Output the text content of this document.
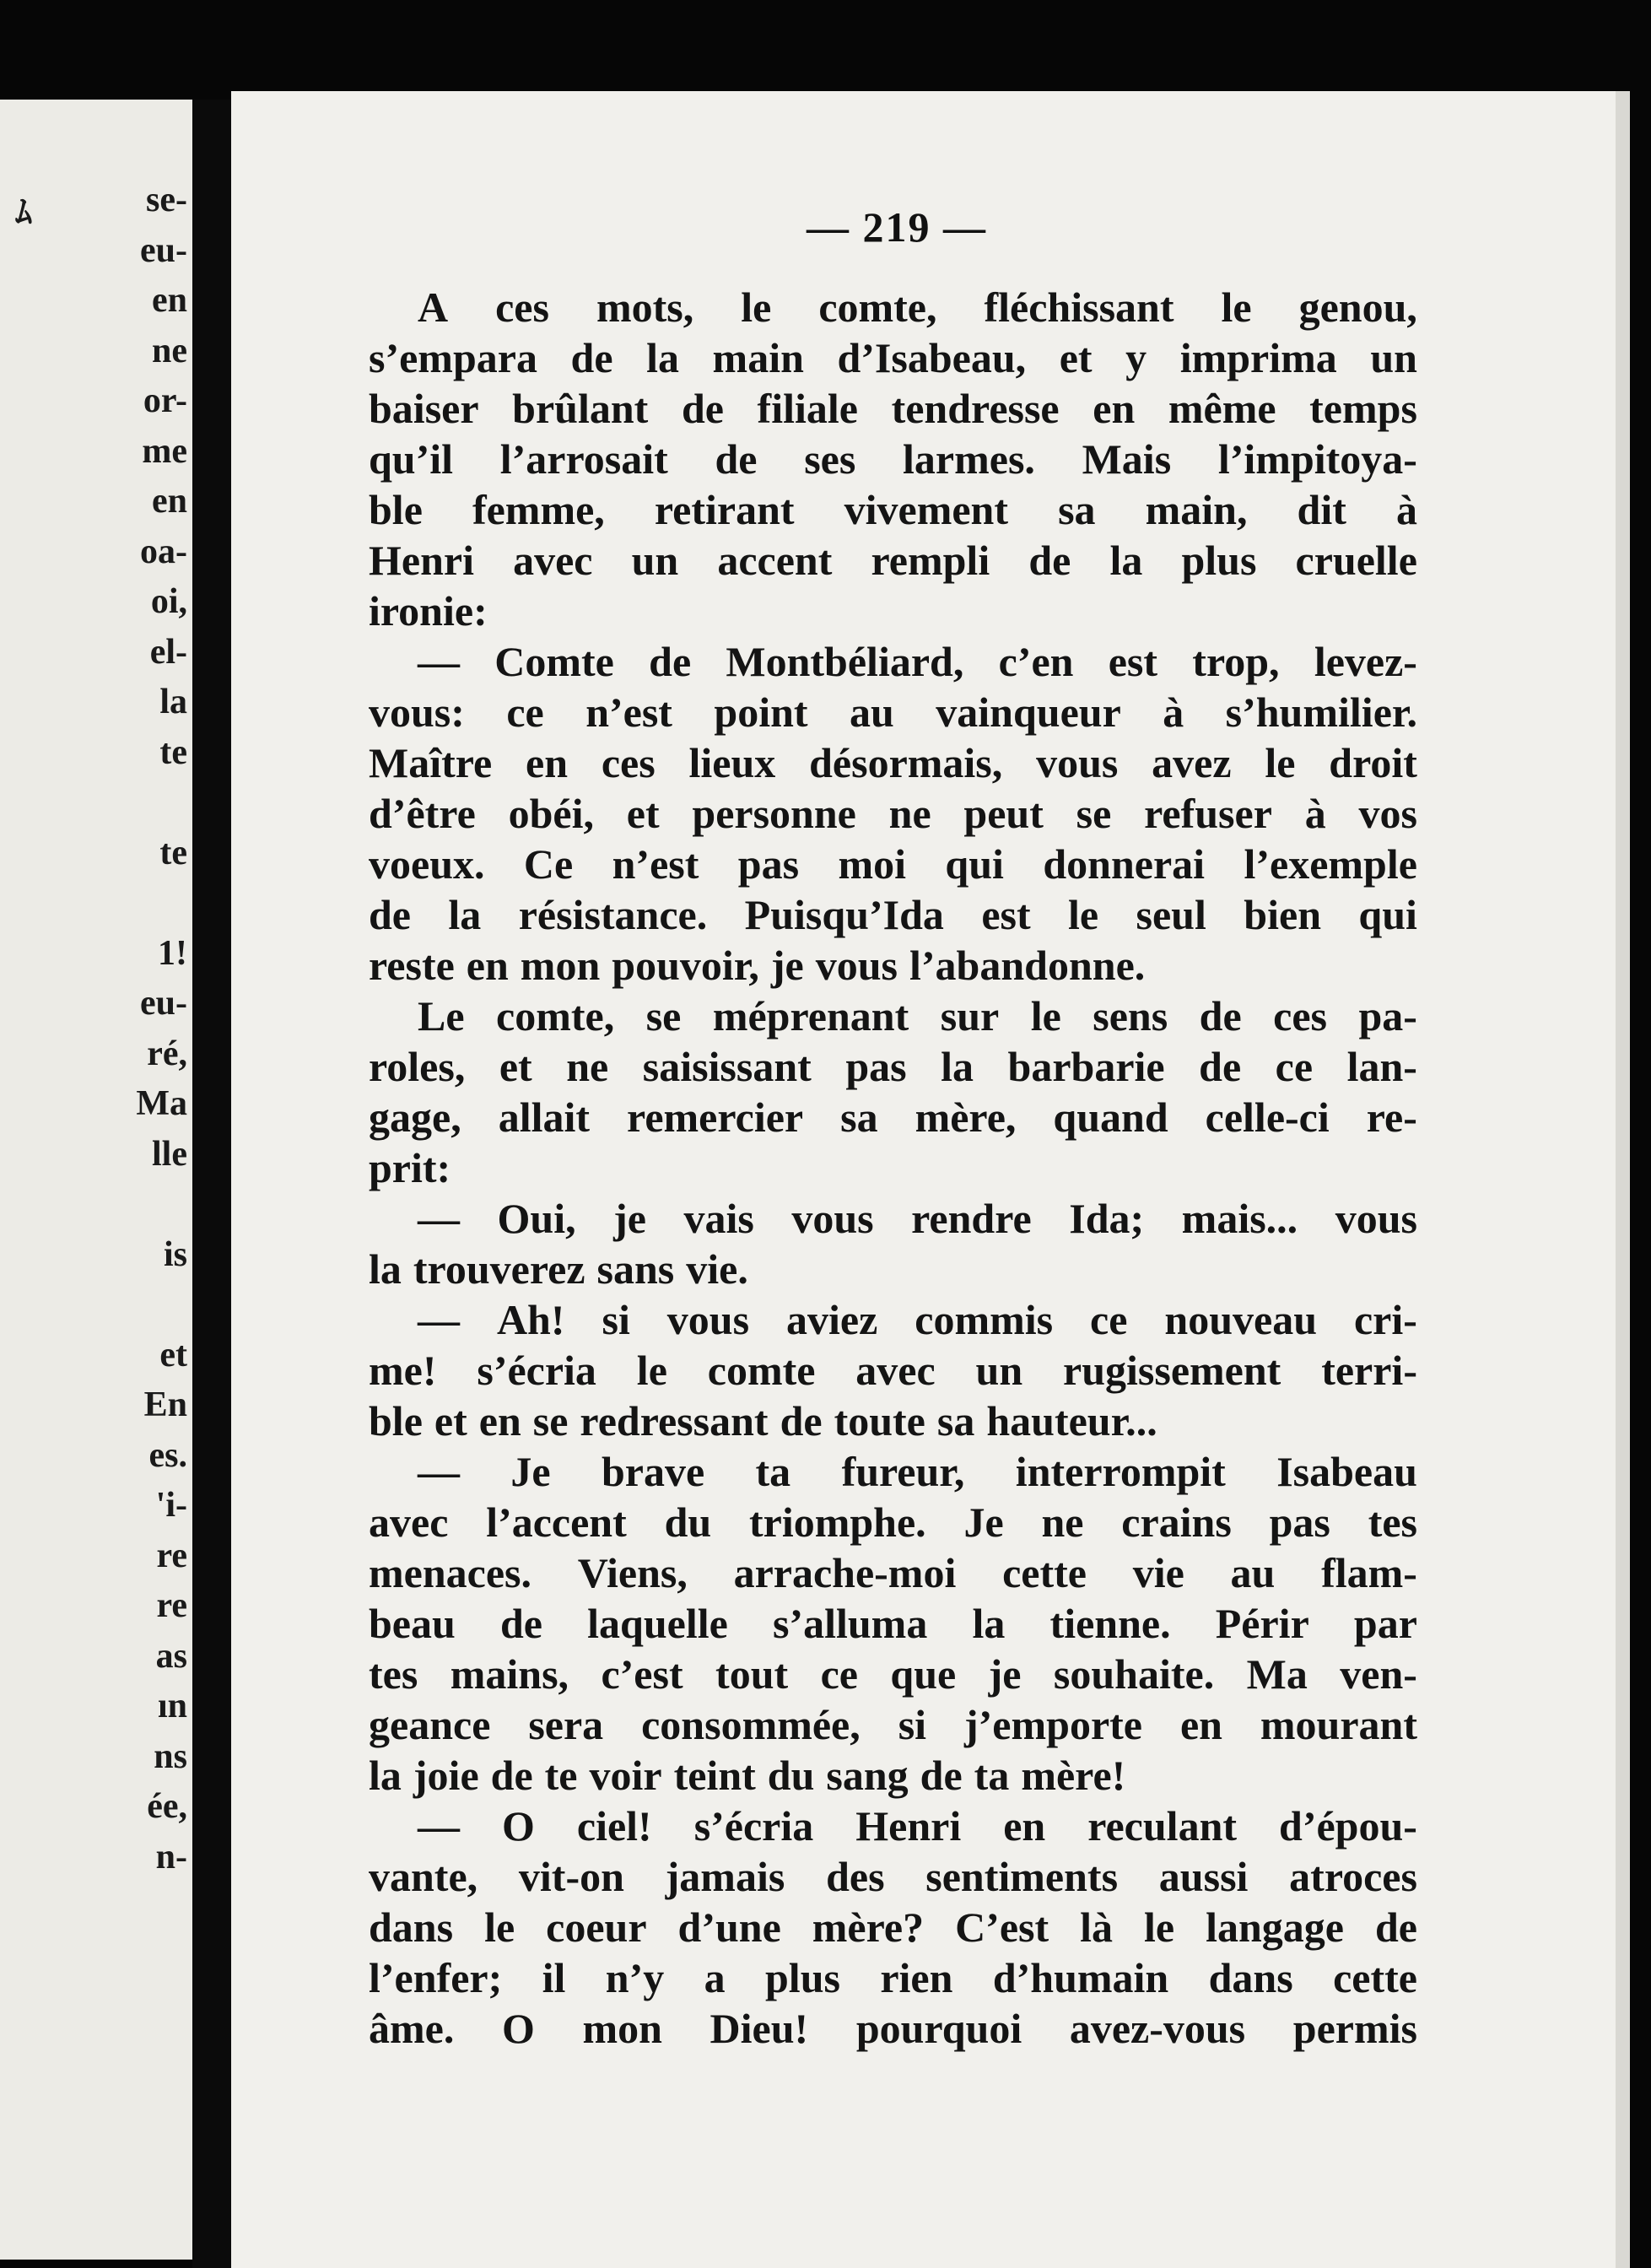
ﾑ	se-
eu-
en
ne
or-
me
en
oa-
oi,
el-
la
te
te
1!
eu-
ré,
Ma
lle
is
et
En
es.
'i-
re
re
as
ın
ns
ée,
n-
— 219 —
A ces mots, le comte, fléchissant le genou,
s’empara de la main d’Isabeau, et y imprima un
baiser brûlant de filiale tendresse en même temps
qu’il l’arrosait de ses larmes. Mais l’impitoya-
ble femme, retirant vivement sa main, dit à
Henri avec un accent rempli de la plus cruelle
ironie:
— Comte de Montbéliard, c’en est trop, levez-
vous: ce n’est point au vainqueur à s’humilier.
Maître en ces lieux désormais, vous avez le droit
d’être obéi, et personne ne peut se refuser à vos
voeux. Ce n’est pas moi qui donnerai l’exemple
de la résistance. Puisqu’Ida est le seul bien qui
reste en mon pouvoir, je vous l’abandonne.
Le comte, se méprenant sur le sens de ces pa-
roles, et ne saisissant pas la barbarie de ce lan-
gage, allait remercier sa mère, quand celle-ci re-
prit:
— Oui, je vais vous rendre Ida; mais... vous
la trouverez sans vie.
— Ah! si vous aviez commis ce nouveau cri-
me! s’écria le comte avec un rugissement terri-
ble et en se redressant de toute sa hauteur...
— Je brave ta fureur, interrompit Isabeau
avec l’accent du triomphe. Je ne crains pas tes
menaces. Viens, arrache-moi cette vie au flam-
beau de laquelle s’alluma la tienne. Périr par
tes mains, c’est tout ce que je souhaite. Ma ven-
geance sera consommée, si j’emporte en mourant
la joie de te voir teint du sang de ta mère!
— O ciel! s’écria Henri en reculant d’épou-
vante, vit-on jamais des sentiments aussi atroces
dans le coeur d’une mère? C’est là le langage de
l’enfer; il n’y a plus rien d’humain dans cette
âme. O mon Dieu! pourquoi avez-vous permis
